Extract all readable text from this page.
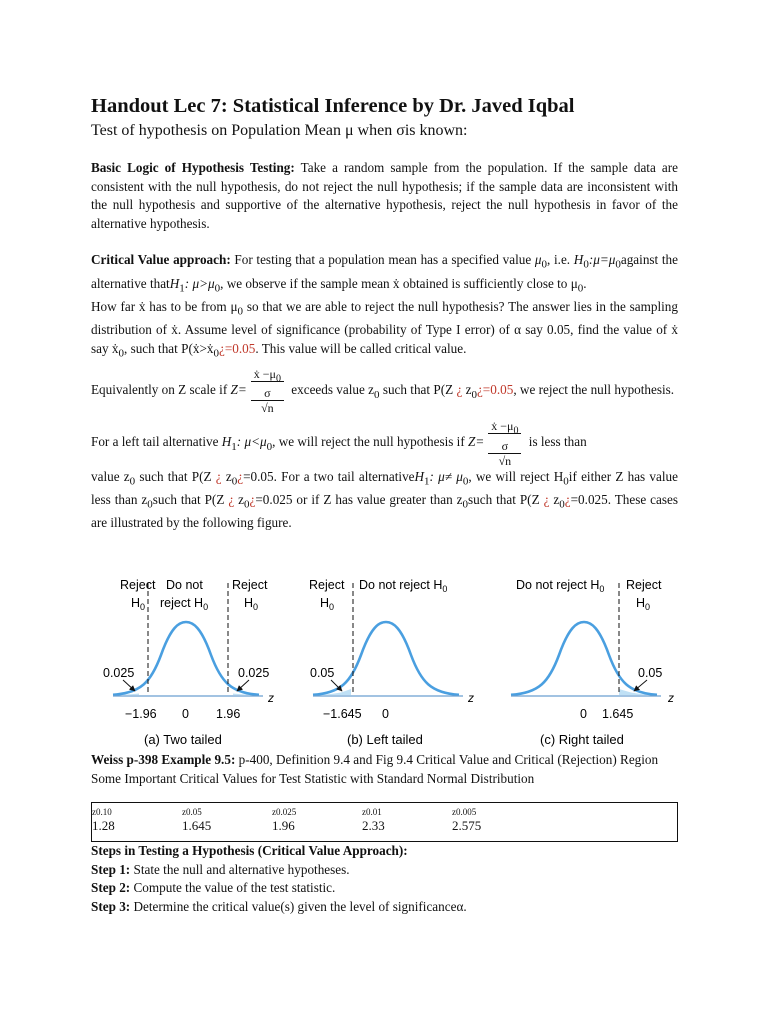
Handout Lec 7: Statistical Inference by Dr. Javed Iqbal
Test of hypothesis on Population Mean μ when σis known:

Basic Logic of Hypothesis Testing: Take a random sample from the population. If the sample data are consistent with the null hypothesis, do not reject the null hypothesis; if the sample data are inconsistent with the null hypothesis and supportive of the alternative hypothesis, reject the null hypothesis in favor of the alternative hypothesis.

Critical Value approach: For testing that a population mean has a specified value $\mu_0$, i.e. $H_0:\mu=\mu_0against$ the alternative thatH$_1$: $\mu>\mu_0$, we observe if the sample mean ẋ obtained is sufficiently close to $\mu_0$.

How far ẋ has to be from $\mu_0$ so that we are able to reject the null hypothesis? The answer lies in the sampling distribution of ẋ. Assume level of significance (probability of Type I error) of α say 0.05, find the value of ẋ say ẋ$_0$, such that P(ẋ>ẋ$_0$¿=0.05. This value will be called critical value.

Equivalently on Z scale if Z=ẋ $-\mu_0$
σ
√n
exceeds value $z_0$ such that P(Z ¿ $z_0¿=0.05$, we reject the null hypothesis.

For a left tail alternative $H_1$: $\mu<\mu_0$, we will reject the null hypothesis if Z=ẋ $-\mu_0$
σ
√n
is less than

value $z_0$ such that P(Z ¿ $z_0¿=0.05$. For a two tail alternativeH$_1$: $\mu\ne \mu_0$, we will reject $H_0if$ either Z has value less than $z_0such$ that P(Z ¿ $z_0¿=0.025$ or if Z has value greater than $z_0such$ that P(Z ¿ $z_0¿=0.025$. These cases are illustrated by the following figure.

Reject
$H_0$
Do not
reject $H_0$
Reject
$H_0$
0.025	0.025
z
−1.96 0 1.96
(a) Two tailed
Reject
$H_0$
Do not reject $H_0$
0.05
z
−1.645 0
(b) Left tailed
Do not reject $H_0$ Reject
$H_0$
0.05
z
0 1.645
(c) Right tailed

Weiss p-398 Example 9.5: p-400, Definition 9.4 and Fig 9.4 Critical Value and Critical (Rejection) Region

Some Important Critical Values for Test Statistic with Standard Normal Distribution

z0.10
1.28
z0.05
1.645
z0.025
1.96
z0.01
2.33
z0.005
2.575

Steps in Testing a Hypothesis (Critical Value Approach):

Step 1: State the null and alternative hypotheses.

Step 2: Compute the value of the test statistic.

Step 3: Determine the critical value(s) given the level of significanceα.
